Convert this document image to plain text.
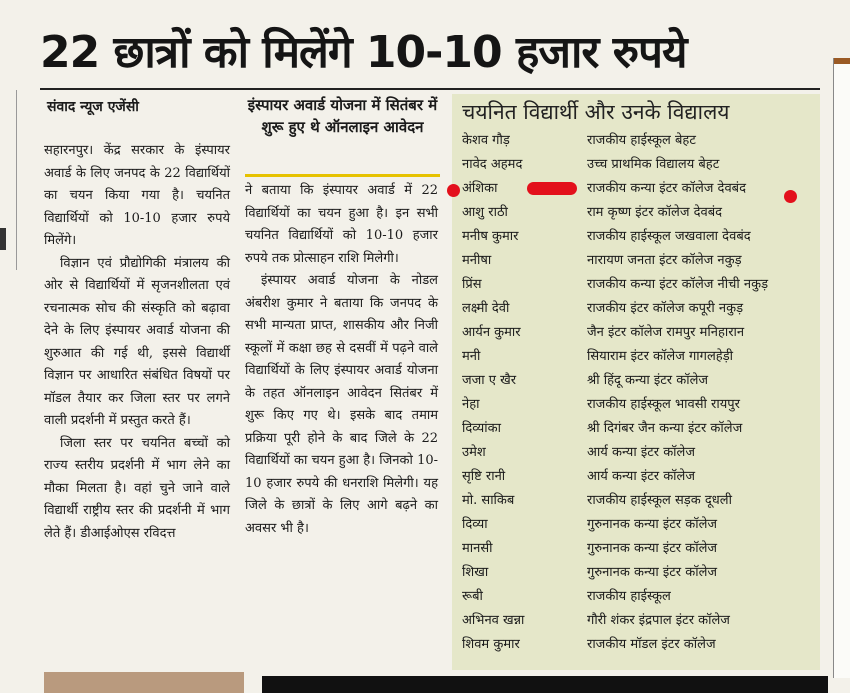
22 छात्रों को मिलेंगे 10-10 हजार रुपये
संवाद न्यूज एजेंसी

सहारनपुर। केंद्र सरकार के इंस्पायर अवार्ड के लिए जनपद के 22 विद्यार्थियों का चयन किया गया है। चयनित विद्यार्थियों को 10-10 हजार रुपये मिलेंगे।

विज्ञान एवं प्रौद्योगिकी मंत्रालय की ओर से विद्यार्थियों में सृजनशीलता एवं रचनात्मक सोच की संस्कृति को बढ़ावा देने के लिए इंस्पायर अवार्ड योजना की शुरुआत की गई थी, इससे विद्यार्थी विज्ञान पर आधारित संबंधित विषयों पर मॉडल तैयार कर जिला स्तर पर लगने वाली प्रदर्शनी में प्रस्तुत करते हैं।

जिला स्तर पर चयनित बच्चों को राज्य स्तरीय प्रदर्शनी में भाग लेने का मौका मिलता है। वहां चुने जाने वाले विद्यार्थी राष्ट्रीय स्तर की प्रदर्शनी में भाग लेते हैं। डीआईओएस रविदत्त

इंस्पायर अवार्ड योजना में सितंबर में शुरू हुए थे ऑनलाइन आवेदन

ने बताया कि इंस्पायर अवार्ड में 22 विद्यार्थियों का चयन हुआ है। इन सभी चयनित विद्यार्थियों को 10-10 हजार रुपये तक प्रोत्साहन राशि मिलेगी।

इंस्पायर अवार्ड योजना के नोडल अंबरीश कुमार ने बताया कि जनपद के सभी मान्यता प्राप्त, शासकीय और निजी स्कूलों में कक्षा छह से दसवीं में पढ़ने वाले विद्यार्थियों के लिए इंस्पायर अवार्ड योजना के तहत ऑनलाइन आवेदन सितंबर में शुरू किए गए थे। इसके बाद तमाम प्रक्रिया पूरी होने के बाद जिले के 22 विद्यार्थियों का चयन हुआ है। जिनको 10-10 हजार रुपये की धनराशि मिलेगी। यह जिले के छात्रों के लिए आगे बढ़ने का अवसर भी है।

चयनित विद्यार्थी और उनके विद्यालय
केशव गौड़	राजकीय हाईस्कूल बेहट
नावेद अहमद	उच्च प्राथमिक विद्यालय बेहट
अंशिका	राजकीय कन्या इंटर कॉलेज देवबंद
आशु राठी	राम कृष्ण इंटर कॉलेज देवबंद
मनीष कुमार	राजकीय हाईस्कूल जखवाला देवबंद
मनीषा	नारायण जनता इंटर कॉलेज नकुड़
प्रिंस	राजकीय कन्या इंटर कॉलेज नीची नकुड़
लक्ष्मी देवी	राजकीय इंटर कॉलेज कपूरी नकुड़
आर्यन कुमार	जैन इंटर कॉलेज रामपुर मनिहारान
मनी	सियाराम इंटर कॉलेज गागलहेड़ी
जजा ए खैर	श्री हिंदू कन्या इंटर कॉलेज
नेहा	राजकीय हाईस्कूल भावसी रायपुर
दिव्यांका	श्री दिगंबर जैन कन्या इंटर कॉलेज
उमेश	आर्य कन्या इंटर कॉलेज
सृष्टि रानी	आर्य कन्या इंटर कॉलेज
मो. साकिब	राजकीय हाईस्कूल सड़क दूधली
दिव्या	गुरुनानक कन्या इंटर कॉलेज
मानसी	गुरुनानक कन्या इंटर कॉलेज
शिखा	गुरुनानक कन्या इंटर कॉलेज
रूबी	राजकीय हाईस्कूल
अभिनव खन्ना	गौरी शंकर इंद्रपाल इंटर कॉलेज
शिवम कुमार	राजकीय मॉडल इंटर कॉलेज
